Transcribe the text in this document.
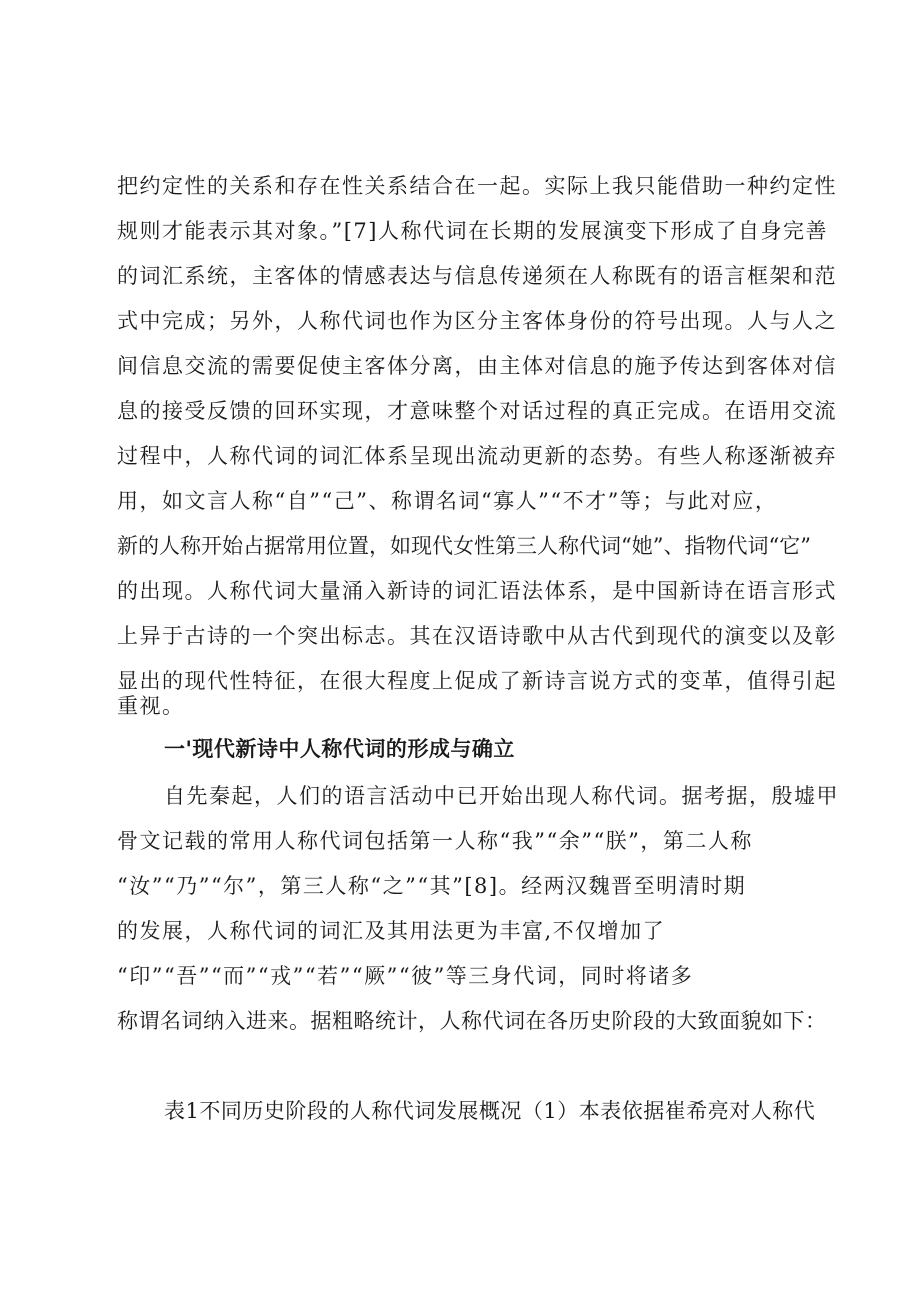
把约定性的关系和存在性关系结合在一起。实际上我只能借助一种约定性
规则才能表示其对象。”[7]人称代词在长期的发展演变下形成了自身完善
的词汇系统，主客体的情感表达与信息传递须在人称既有的语言框架和范
式中完成；另外，人称代词也作为区分主客体身份的符号出现。人与人之
间信息交流的需要促使主客体分离，由主体对信息的施予传达到客体对信
息的接受反馈的回环实现，才意味整个对话过程的真正完成。在语用交流
过程中，人称代词的词汇体系呈现出流动更新的态势。有些人称逐渐被弃
用，如文言人称“自”“己”、称谓名词“寡人”“不才”等；与此对应，
新的人称开始占据常用位置，如现代女性第三人称代词“她”、指物代词“它”
的出现。人称代词大量涌入新诗的词汇语法体系，是中国新诗在语言形式
上异于古诗的一个突出标志。其在汉语诗歌中从古代到现代的演变以及彰
显出的现代性特征，在很大程度上促成了新诗言说方式的变革，值得引起
重视。
一'现代新诗中人称代词的形成与确立
自先秦起，人们的语言活动中已开始出现人称代词。据考据，殷墟甲
骨文记载的常用人称代词包括第一人称“我”“余”“朕”，第二人称
“汝”“乃”“尔”，第三人称“之”“其”[8]。经两汉魏晋至明清时期
的发展，人称代词的词汇及其用法更为丰富,不仅增加了
“印”“吾”“而”“戎”“若”“厥”“彼”等三身代词，同时将诸多
称谓名词纳入进来。据粗略统计，人称代词在各历史阶段的大致面貌如下：
表1不同历史阶段的人称代词发展概况（1）本表依据崔希亮对人称代
